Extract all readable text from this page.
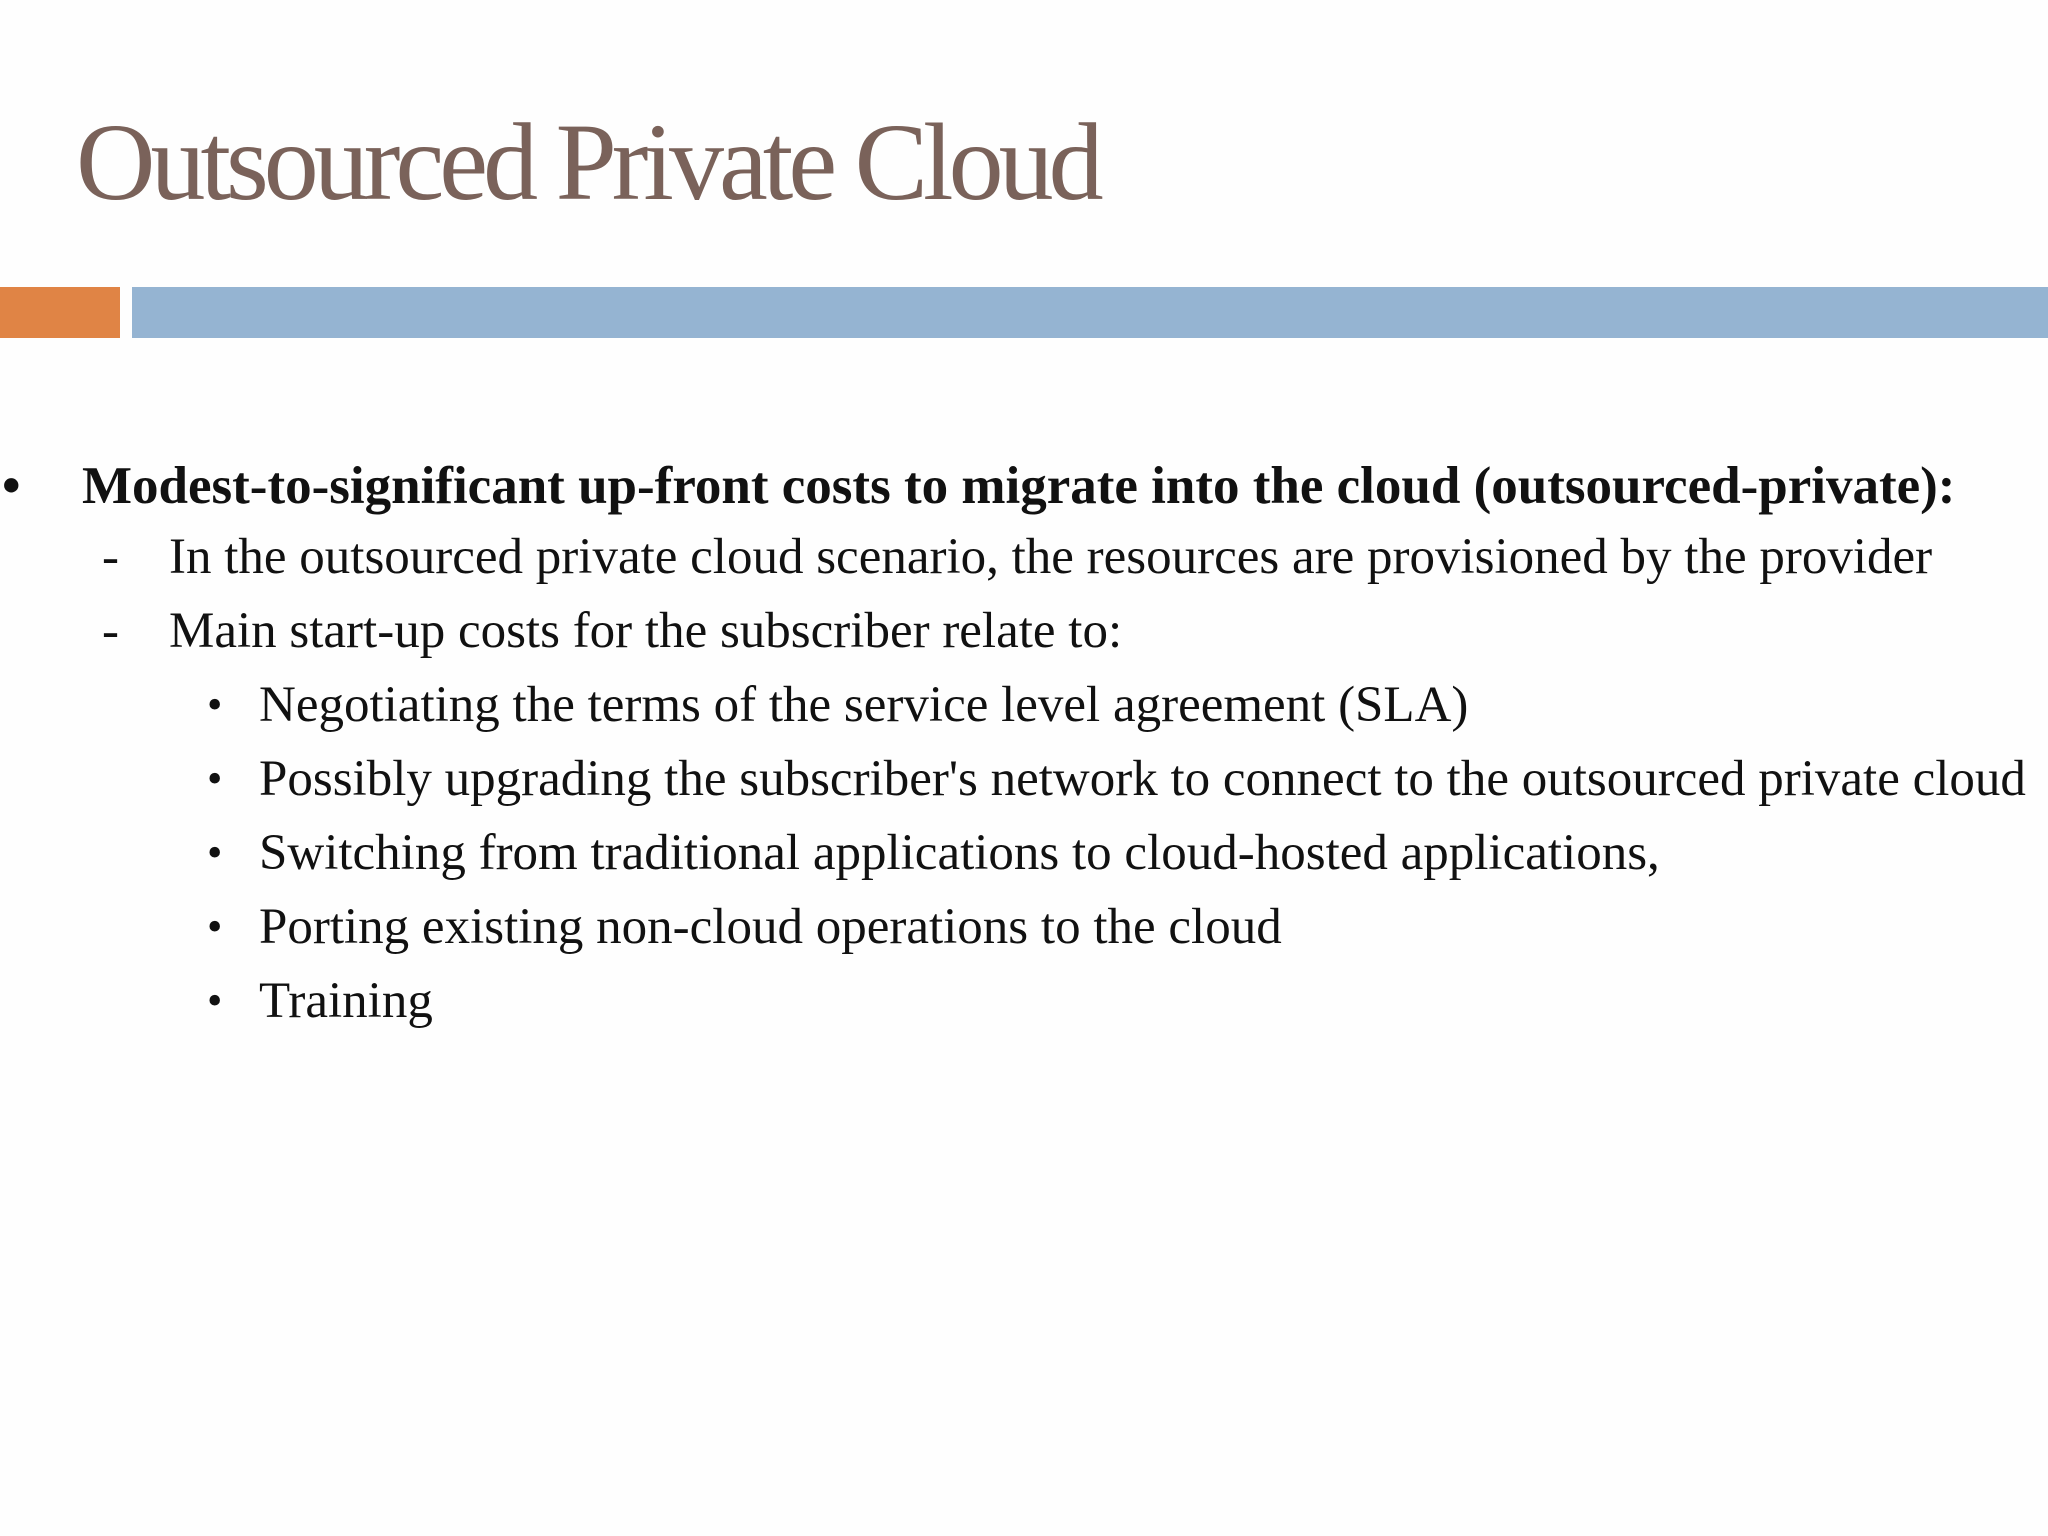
Outsourced Private Cloud

• Modest-to-significant up-front costs to migrate into the cloud (outsourced-private):

- In the outsourced private cloud scenario, the resources are provisioned by the provider

- Main start-up costs for the subscriber relate to:

• Negotiating the terms of the service level agreement (SLA)

• Possibly upgrading the subscriber's network to connect to the outsourced private cloud

• Switching from traditional applications to cloud-hosted applications,

• Porting existing non-cloud operations to the cloud

• Training
